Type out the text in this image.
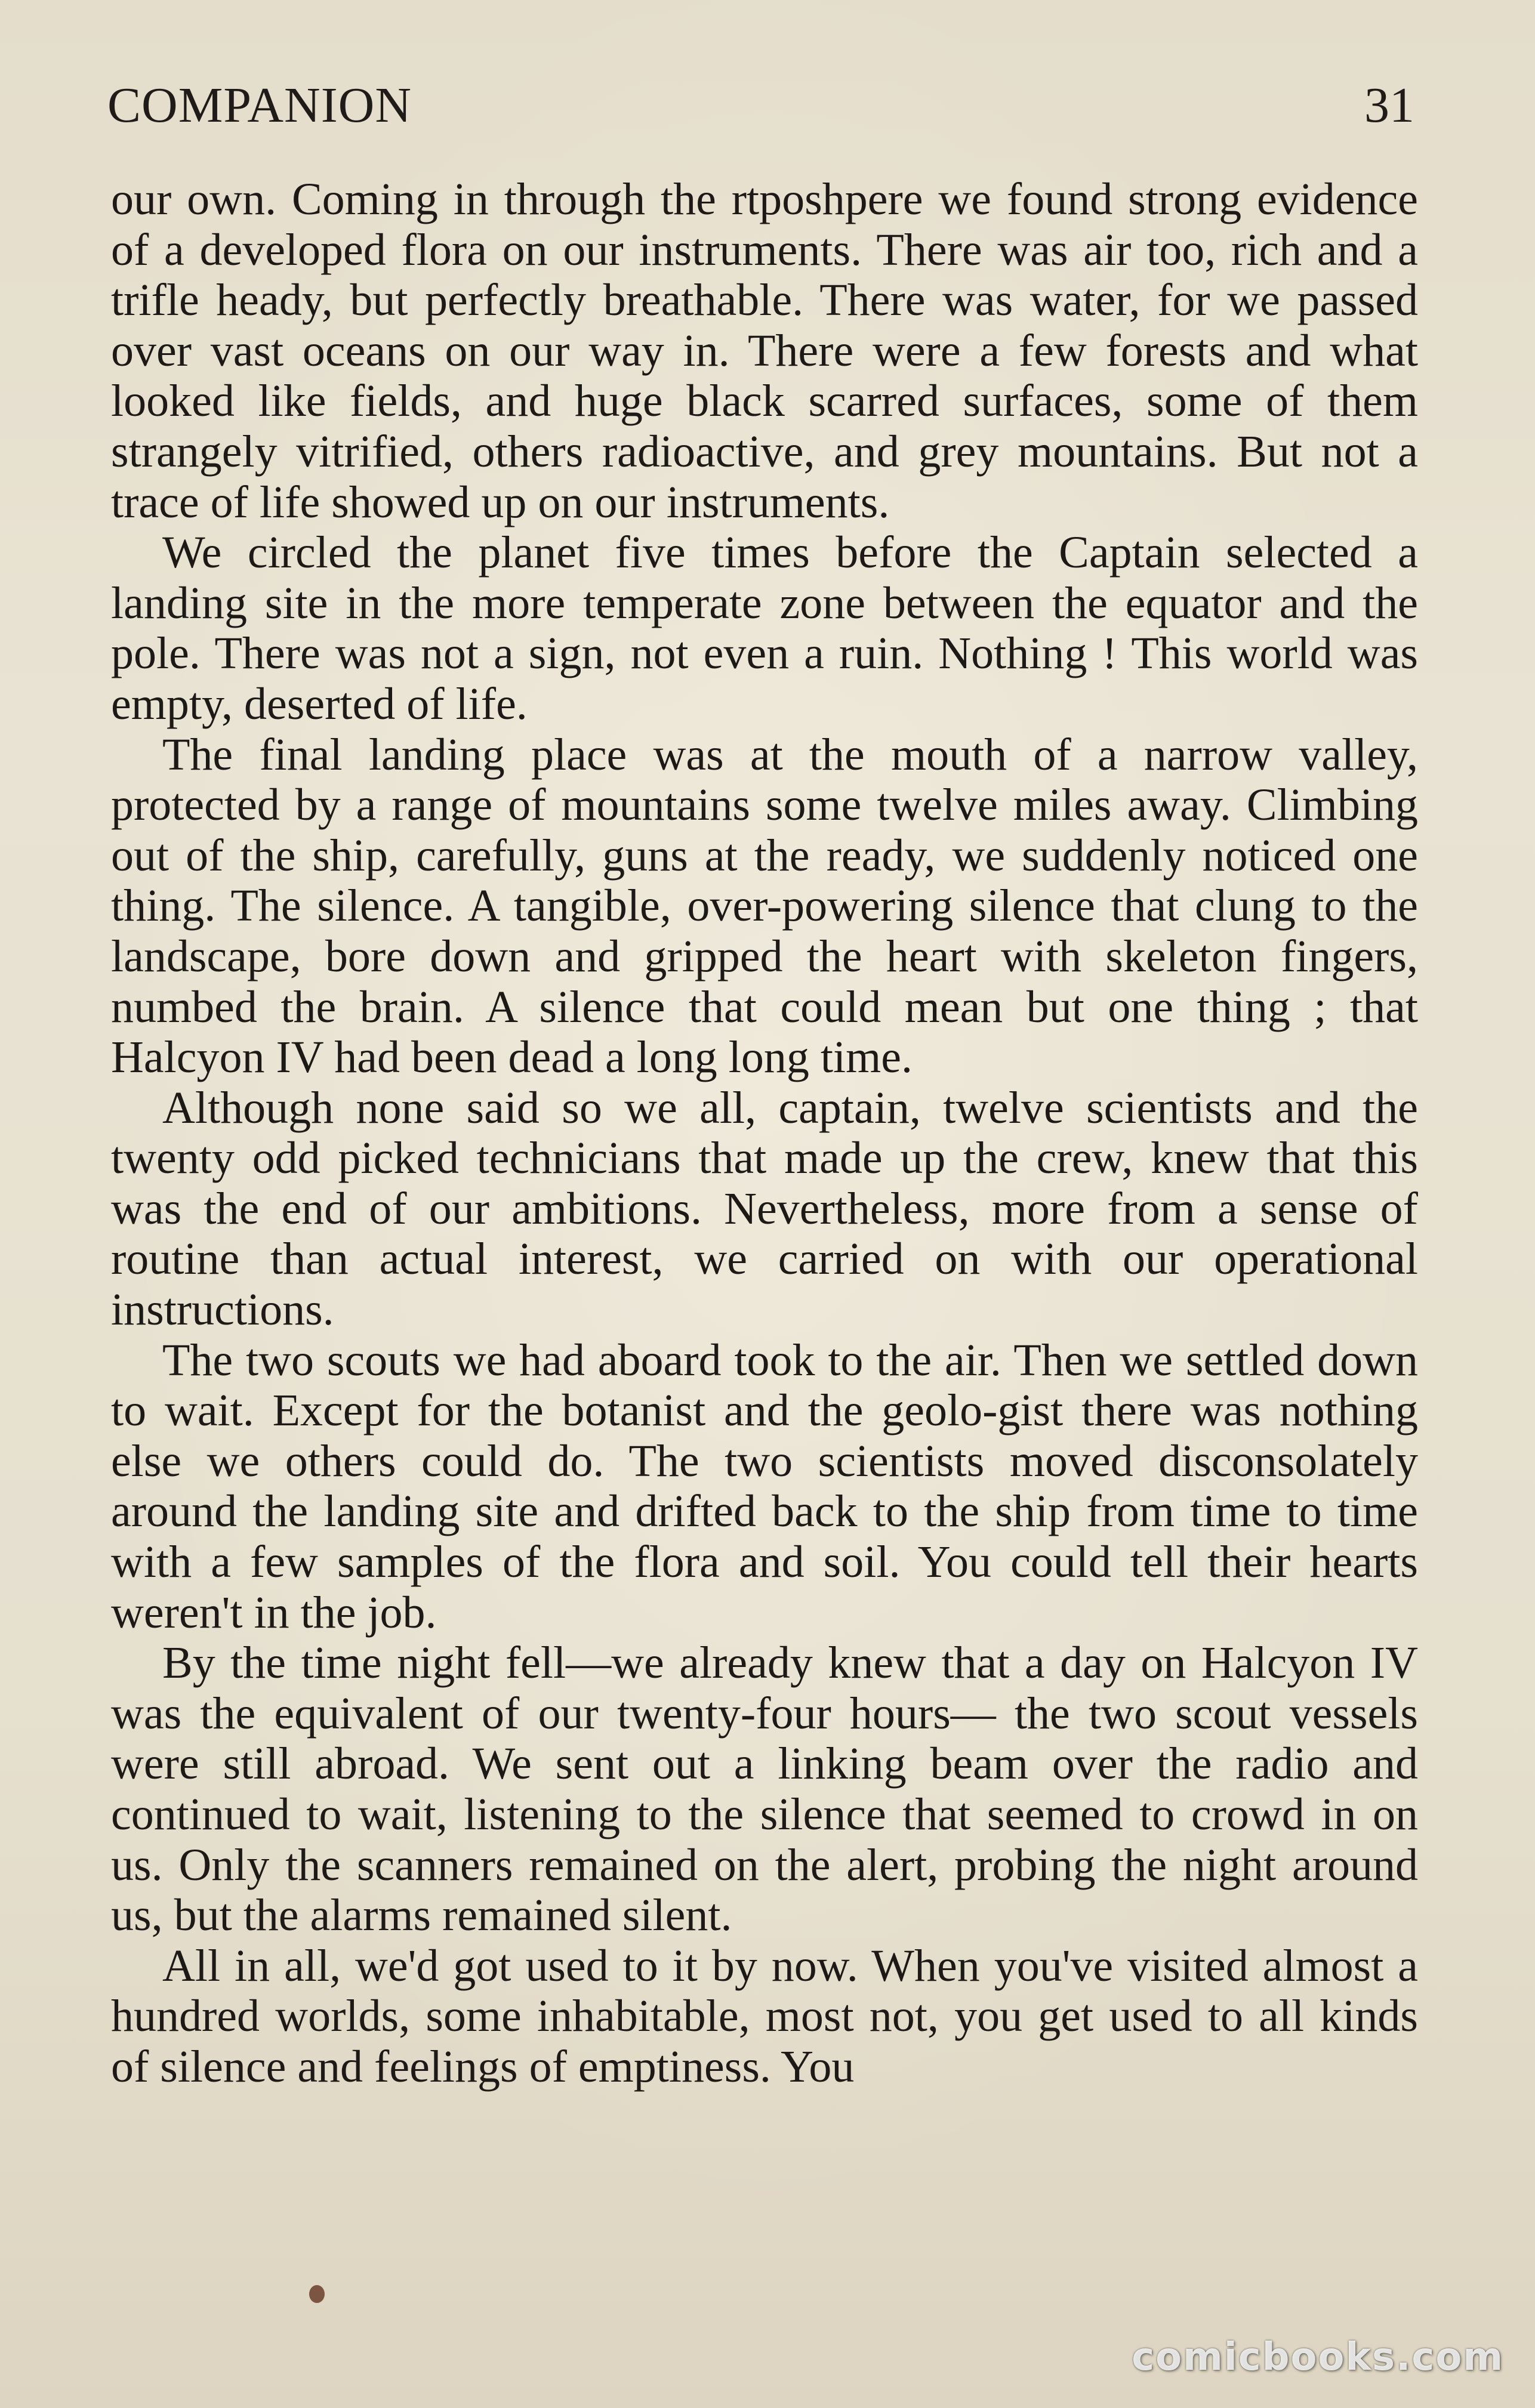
COMPANION	31

our own. Coming in through the rtposhpere we found strong evidence of a developed flora on our instruments. There was air too, rich and a trifle heady, but perfectly breathable. There was water, for we passed over vast oceans on our way in. There were a few forests and what looked like fields, and huge black scarred surfaces, some of them strangely vitrified, others radioactive, and grey mountains. But not a trace of life showed up on our instruments.

We circled the planet five times before the Captain selected a landing site in the more temperate zone between the equator and the pole. There was not a sign, not even a ruin. Nothing ! This world was empty, deserted of life.

The final landing place was at the mouth of a narrow valley, protected by a range of mountains some twelve miles away. Climbing out of the ship, carefully, guns at the ready, we suddenly noticed one thing. The silence. A tangible, over-powering silence that clung to the landscape, bore down and gripped the heart with skeleton fingers, numbed the brain. A silence that could mean but one thing ; that Halcyon IV had been dead a long long time.

Although none said so we all, captain, twelve scientists and the twenty odd picked technicians that made up the crew, knew that this was the end of our ambitions. Nevertheless, more from a sense of routine than actual interest, we carried on with our operational instructions.

The two scouts we had aboard took to the air. Then we settled down to wait. Except for the botanist and the geolo-gist there was nothing else we others could do. The two scientists moved disconsolately around the landing site and drifted back to the ship from time to time with a few samples of the flora and soil. You could tell their hearts weren't in the job.

By the time night fell—we already knew that a day on Halcyon IV was the equivalent of our twenty-four hours— the two scout vessels were still abroad. We sent out a linking beam over the radio and continued to wait, listening to the silence that seemed to crowd in on us. Only the scanners remained on the alert, probing the night around us, but the alarms remained silent.

All in all, we'd got used to it by now. When you've visited almost a hundred worlds, some inhabitable, most not, you get used to all kinds of silence and feelings of emptiness. You

comicbooks.com
